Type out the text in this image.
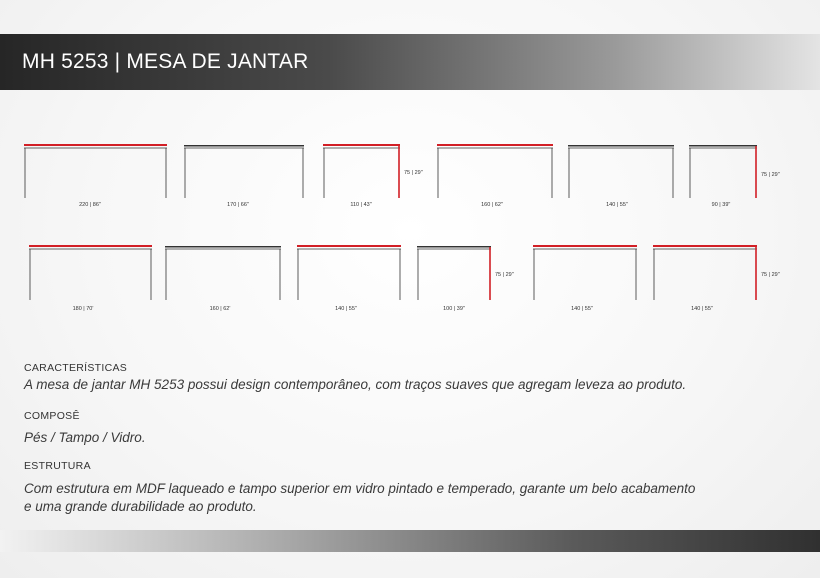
MH 5253 | MESA DE JANTAR
220 | 86"	170 | 66"	110 | 43"
75 | 29"
160 | 62"	140 | 55"	90 | 39"
75 | 29"
180 | 70'	160 | 62'	140 | 55"	100 | 39"
75 | 29"
140 | 55"	140 | 55"
75 | 29"
CARACTERÍSTICAS
A mesa de jantar MH 5253 possui design contemporâneo, com traços suaves que agregam leveza ao produto.
COMPOSÊ
Pés / Tampo / Vidro.
ESTRUTURA
Com estrutura em MDF laqueado e tampo superior em vidro pintado e temperado, garante um belo acabamento
e uma grande durabilidade ao produto.
